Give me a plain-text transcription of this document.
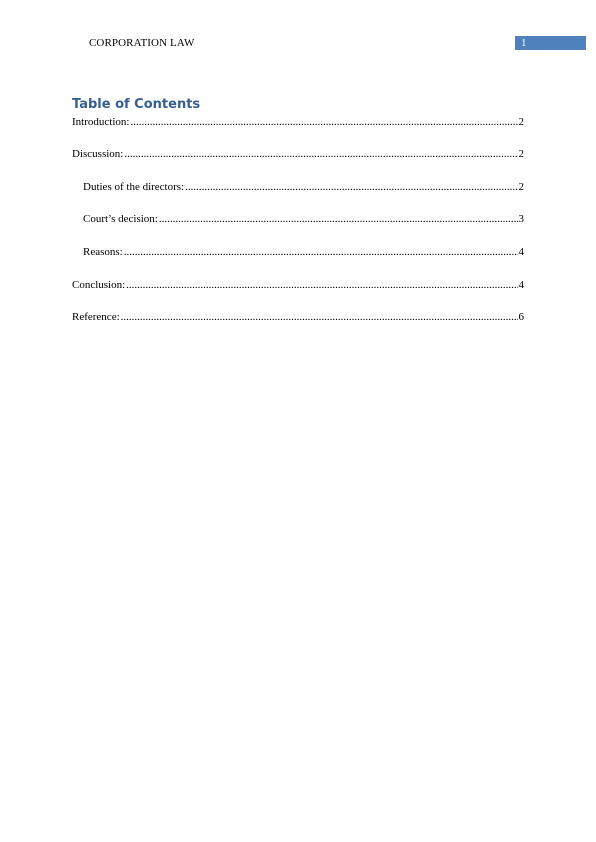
CORPORATION LAW	1
Table of Contents
Introduction: .....	2
Discussion: .....	2
Duties of the directors: .....	2
Court’s decision: .....	3
Reasons: .....	4
Conclusion: .....	4
Reference: .....	6
